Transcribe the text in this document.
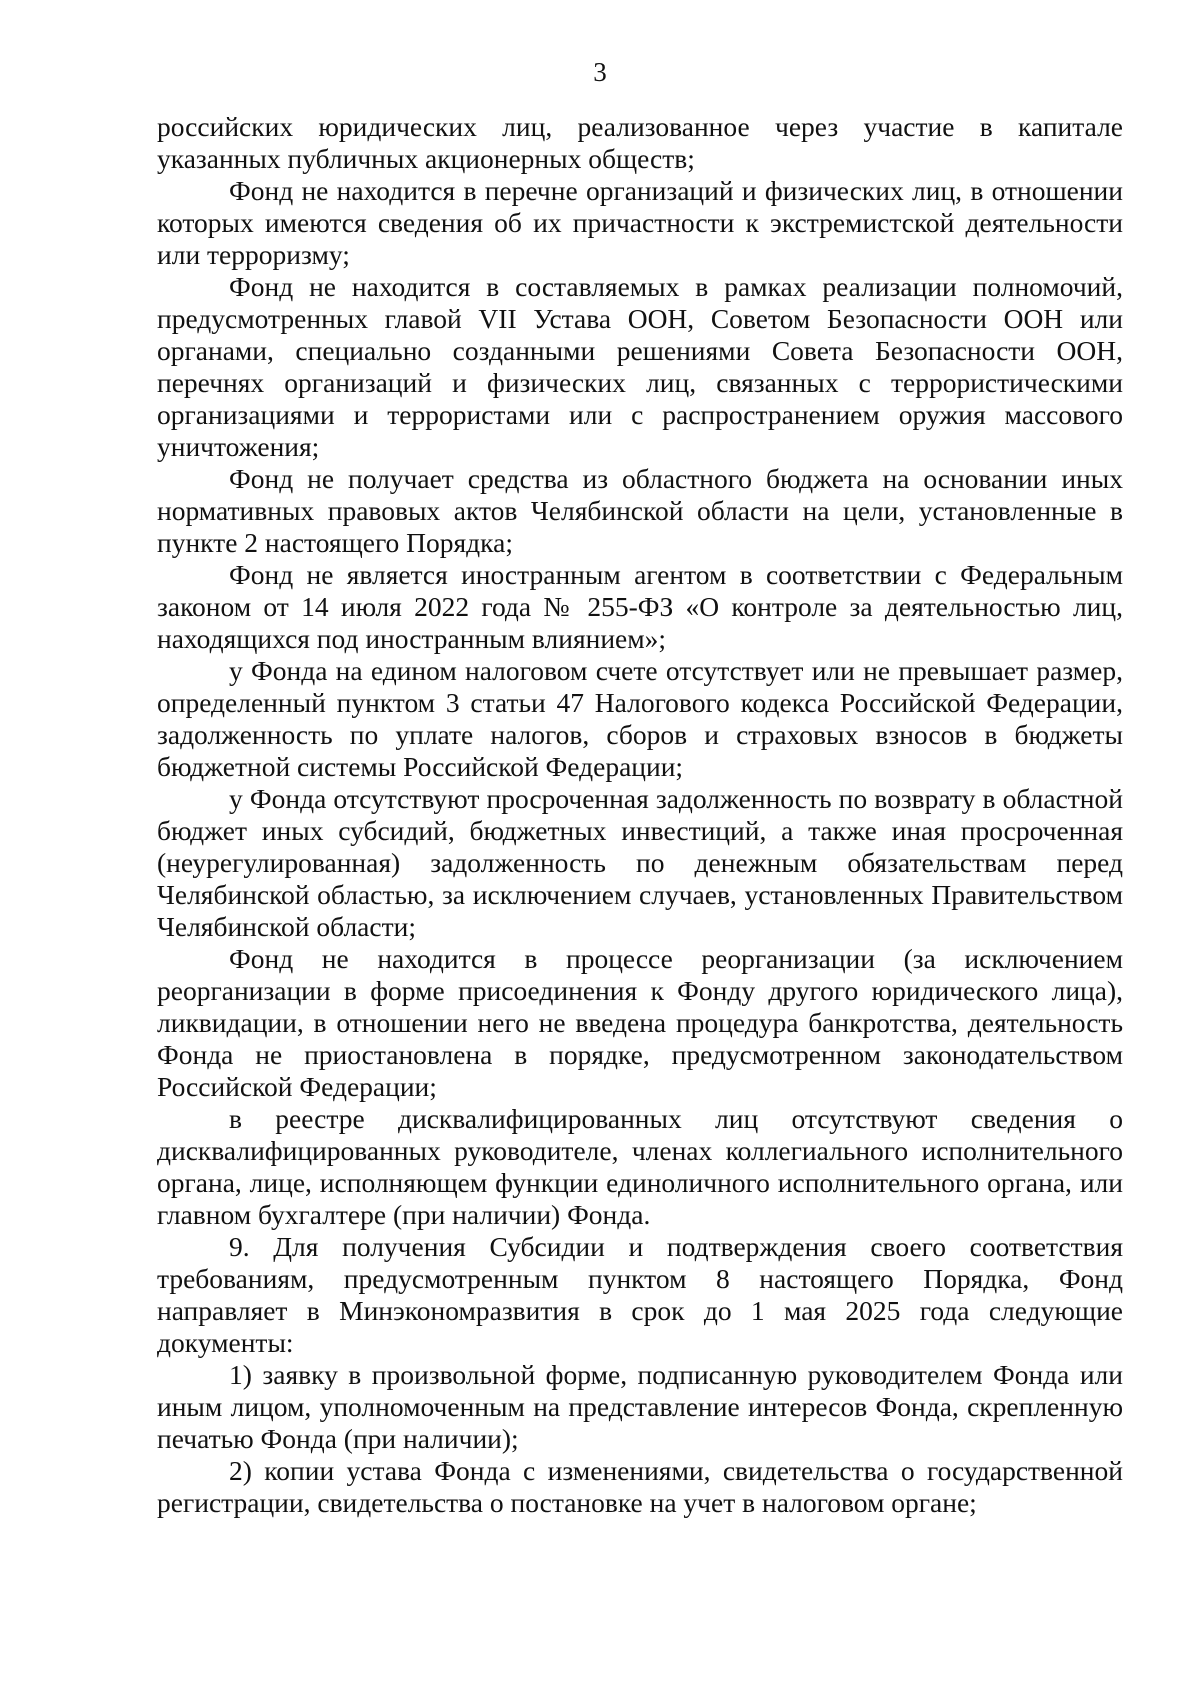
3

российских юридических лиц, реализованное через участие в капитале указанных публичных акционерных обществ;

Фонд не находится в перечне организаций и физических лиц, в отношении которых имеются сведения об их причастности к экстремистской деятельности или терроризму;

Фонд не находится в составляемых в рамках реализации полномочий, предусмотренных главой VII Устава ООН, Советом Безопасности ООН или органами, специально созданными решениями Совета Безопасности ООН, перечнях организаций и физических лиц, связанных с террористическими организациями и террористами или с распространением оружия массового уничтожения;

Фонд не получает средства из областного бюджета на основании иных нормативных правовых актов Челябинской области на цели, установленные в пункте 2 настоящего Порядка;

Фонд не является иностранным агентом в соответствии с Федеральным законом от 14 июля 2022 года № 255-ФЗ «О контроле за деятельностью лиц, находящихся под иностранным влиянием»;

у Фонда на едином налоговом счете отсутствует или не превышает размер, определенный пунктом 3 статьи 47 Налогового кодекса Российской Федерации, задолженность по уплате налогов, сборов и страховых взносов в бюджеты бюджетной системы Российской Федерации;

у Фонда отсутствуют просроченная задолженность по возврату в областной бюджет иных субсидий, бюджетных инвестиций, а также иная просроченная (неурегулированная) задолженность по денежным обязательствам перед Челябинской областью, за исключением случаев, установленных Правительством Челябинской области;

Фонд не находится в процессе реорганизации (за исключением реорганизации в форме присоединения к Фонду другого юридического лица), ликвидации, в отношении него не введена процедура банкротства, деятельность Фонда не приостановлена в порядке, предусмотренном законодательством Российской Федерации;

в реестре дисквалифицированных лиц отсутствуют сведения о дисквалифицированных руководителе, членах коллегиального исполнительного органа, лице, исполняющем функции единоличного исполнительного органа, или главном бухгалтере (при наличии) Фонда.

9. Для получения Субсидии и подтверждения своего соответствия требованиям, предусмотренным пунктом 8 настоящего Порядка, Фонд направляет в Минэкономразвития в срок до 1 мая 2025 года следующие документы:

1) заявку в произвольной форме, подписанную руководителем Фонда или иным лицом, уполномоченным на представление интересов Фонда, скрепленную печатью Фонда (при наличии);

2) копии устава Фонда с изменениями, свидетельства о государственной регистрации, свидетельства о постановке на учет в налоговом органе;
